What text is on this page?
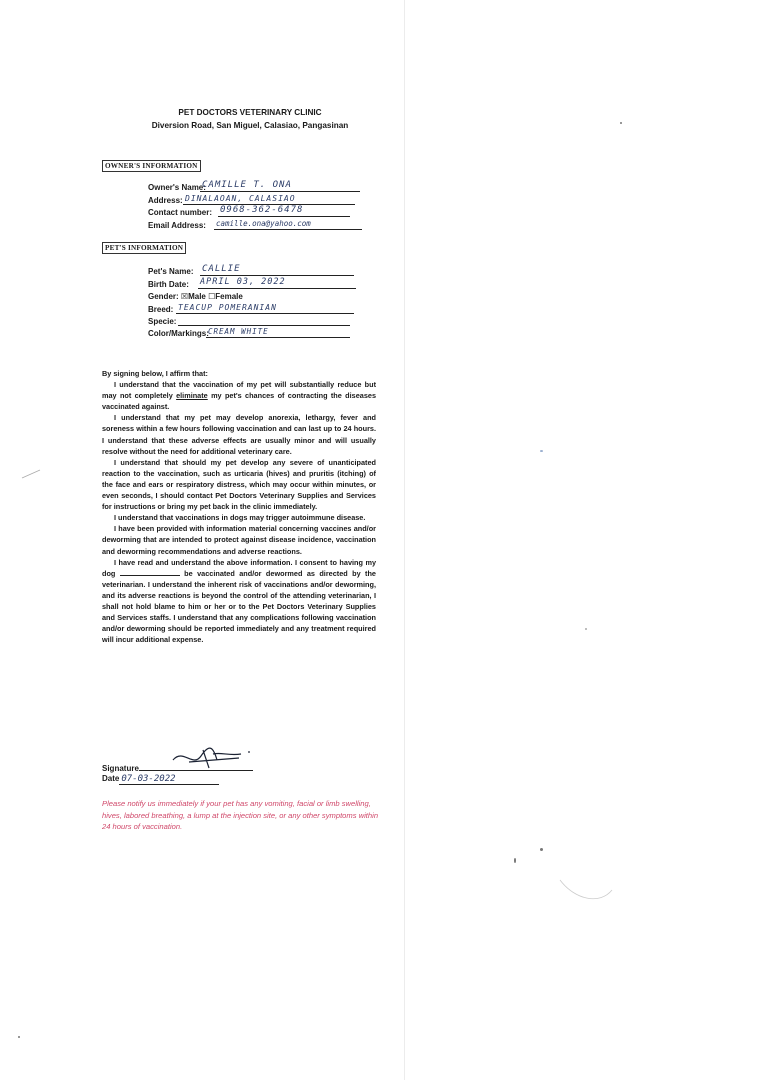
PET DOCTORS VETERINARY CLINIC
Diversion Road, San Miguel, Calasiao, Pangasinan
OWNER'S INFORMATION
Owner's Name:
CAMILLE T. ONA
Address: DINALAOAN, CALASIAO
Contact number: 0968-362-6478
Email Address: camille.ona@yahoo.com
PET'S INFORMATION
Pet's Name: CALLIE
Birth Date: APRIL 03, 2022
Gender: ☒Male ☐Female
Breed: TEACUP POMERANIAN
Specie:
Color/Markings: CREAM WHITE

By signing below, I affirm that:

I understand that the vaccination of my pet will substantially reduce but may not completely eliminate my pet's chances of contracting the diseases vaccinated against.

I understand that my pet may develop anorexia, lethargy, fever and soreness within a few hours following vaccination and can last up to 24 hours. I understand that these adverse effects are usually minor and will usually resolve without the need for additional veterinary care.

I understand that should my pet develop any severe of unanticipated reaction to the vaccination, such as urticaria (hives) and pruritis (itching) of the face and ears or respiratory distress, which may occur within minutes, or even seconds, I should contact Pet Doctors Veterinary Supplies and Services for instructions or bring my pet back in the clinic immediately.

I understand that vaccinations in dogs may trigger autoimmune disease.

I have been provided with information material concerning vaccines and/or deworming that are intended to protect against disease incidence, vaccination and deworming recommendations and adverse reactions.

I have read and understand the above information. I consent to having my dog	be vaccinated and/or dewormed as directed by the veterinarian. I understand the inherent risk of vaccinations and/or deworming, and its adverse reactions is beyond the control of the attending veterinarian, I shall not hold blame to him or her or to the Pet Doctors Veterinary Supplies and Services staffs. I understand that any complications following vaccination and/or deworming should be reported immediately and any treatment required will incur additional expense.

Signature
Date 07-03-2022
Please notify us immediately if your pet has any vomiting, facial or limb swelling, hives, labored breathing, a lump at the injection site, or any other symptoms within 24 hours of vaccination.
